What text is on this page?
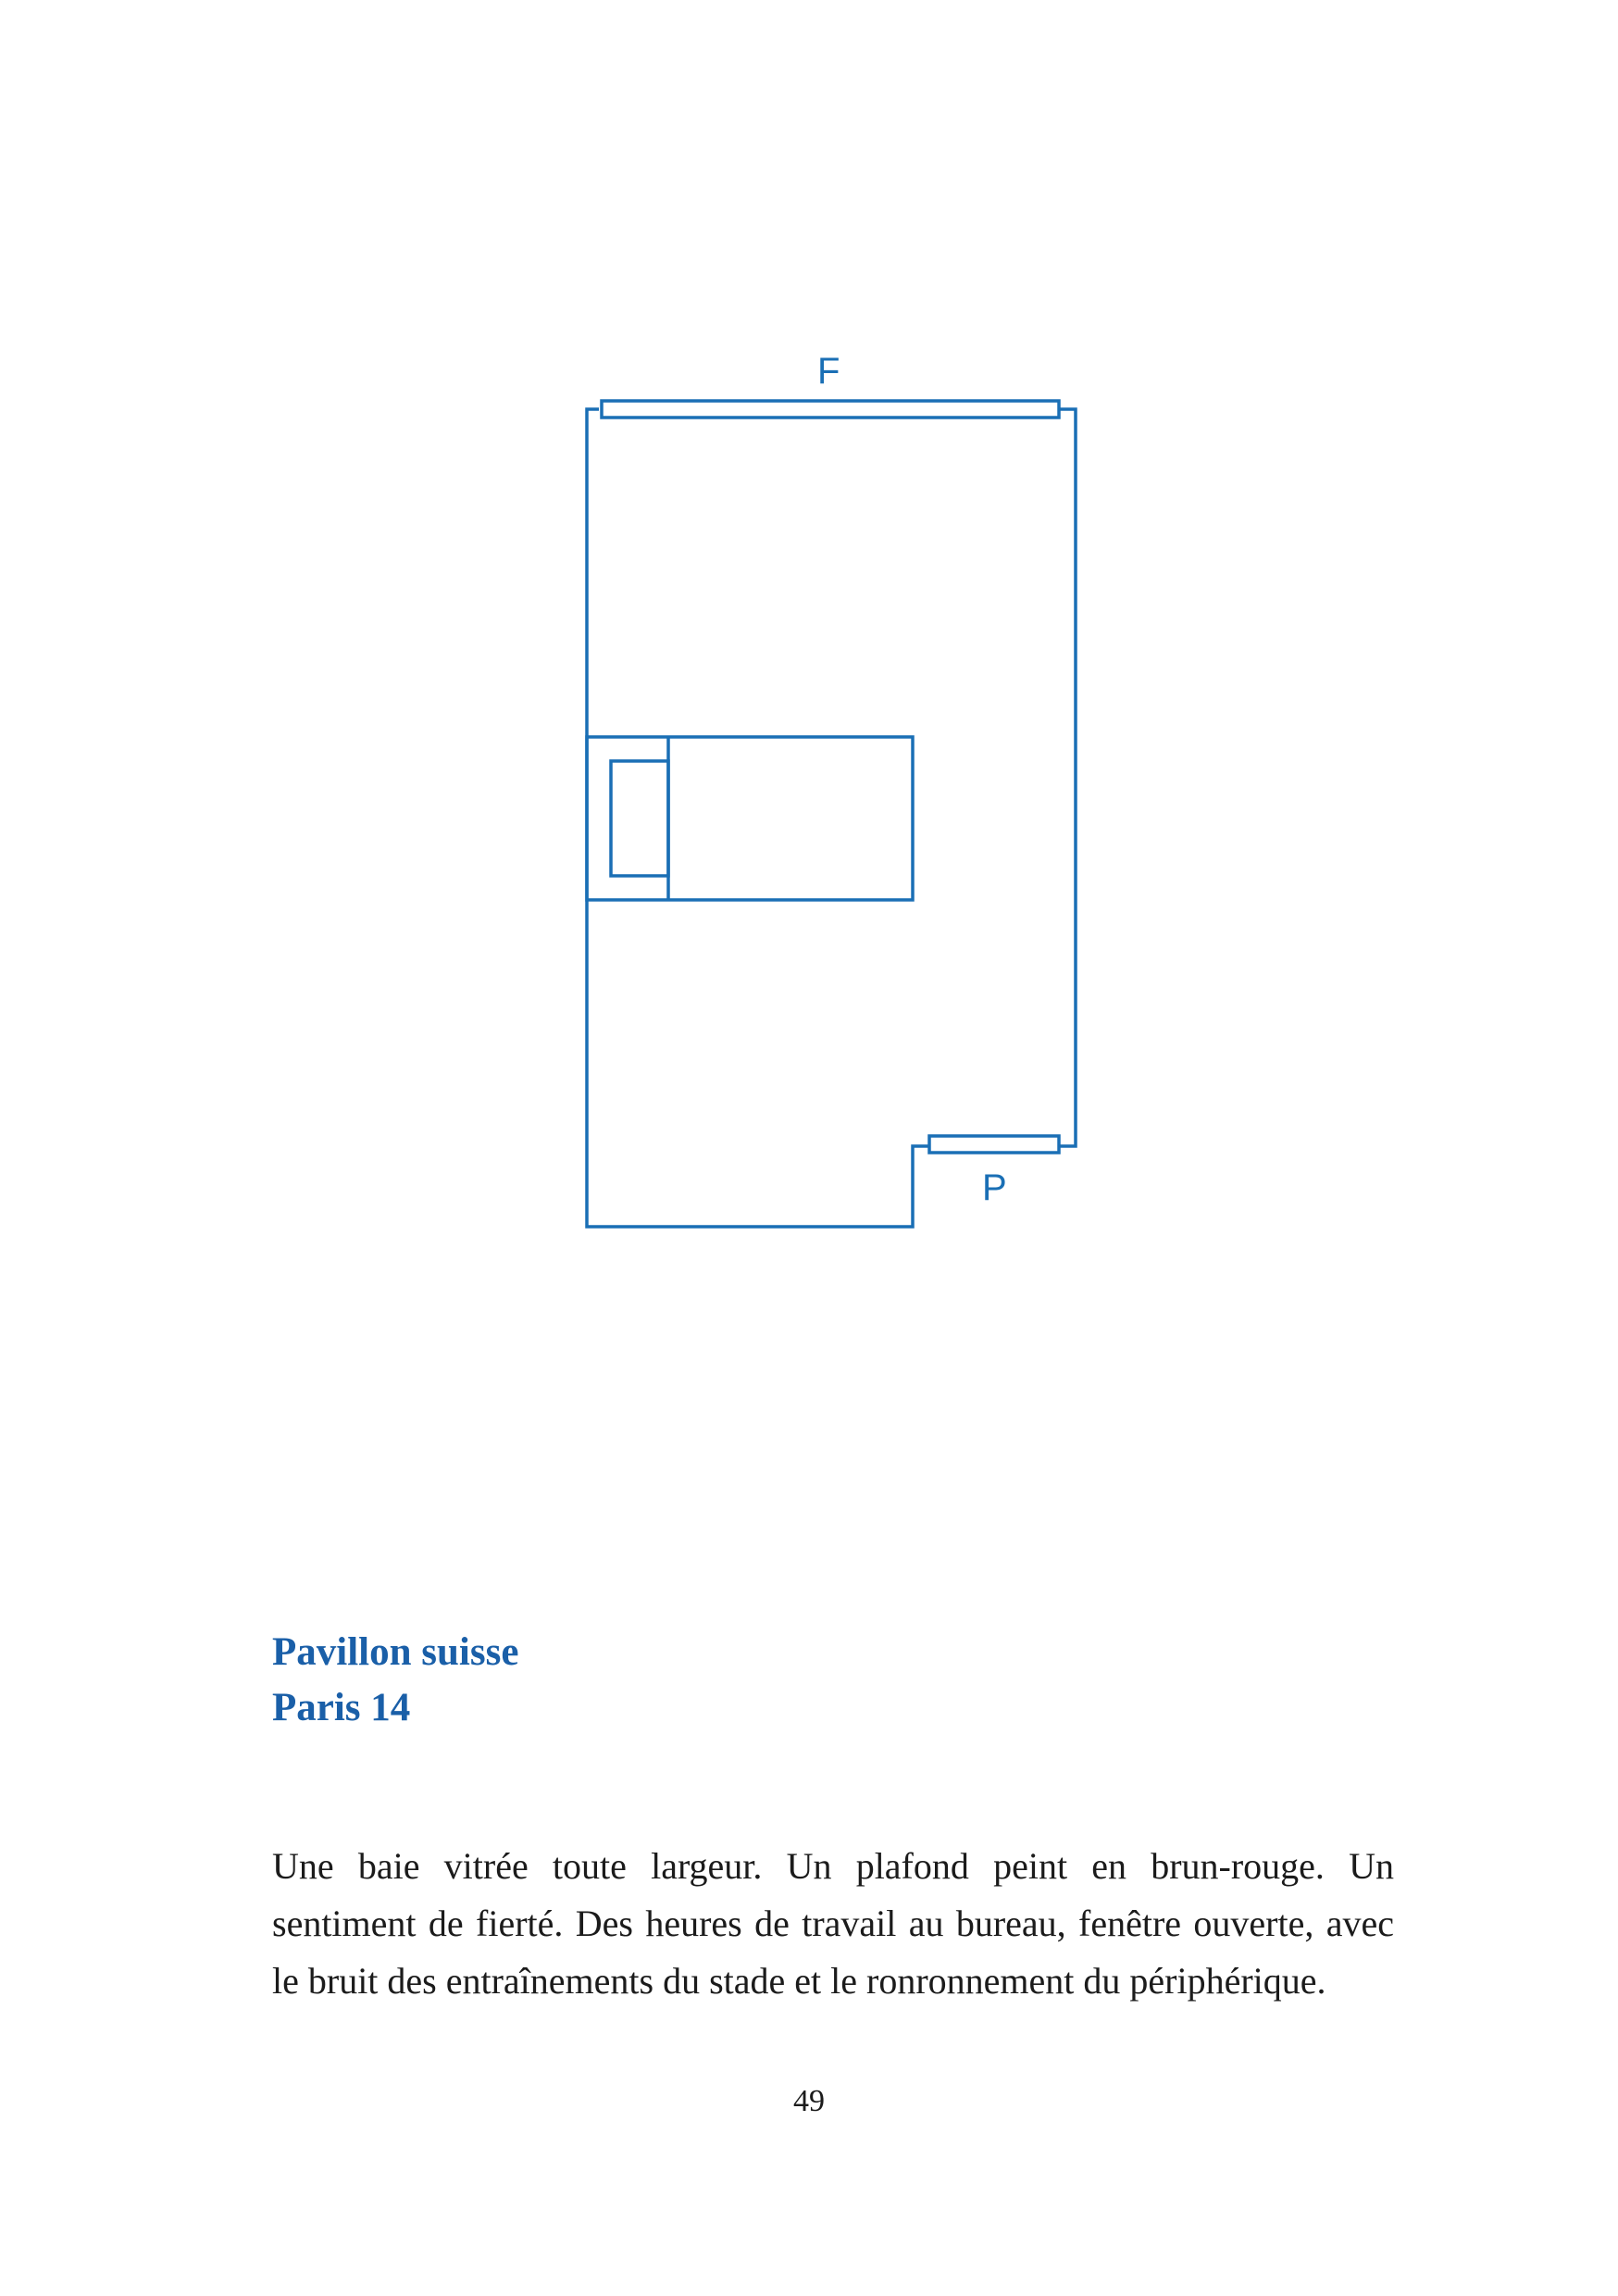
F
P
Pavillon suisse
Paris 14

Une baie vitrée toute largeur. Un plafond peint en brun-rouge. Un sentiment de fierté. Des heures de travail au bureau, fenêtre ouverte, avec le bruit des entraînements du stade et le ronronnement du périphérique.

49
